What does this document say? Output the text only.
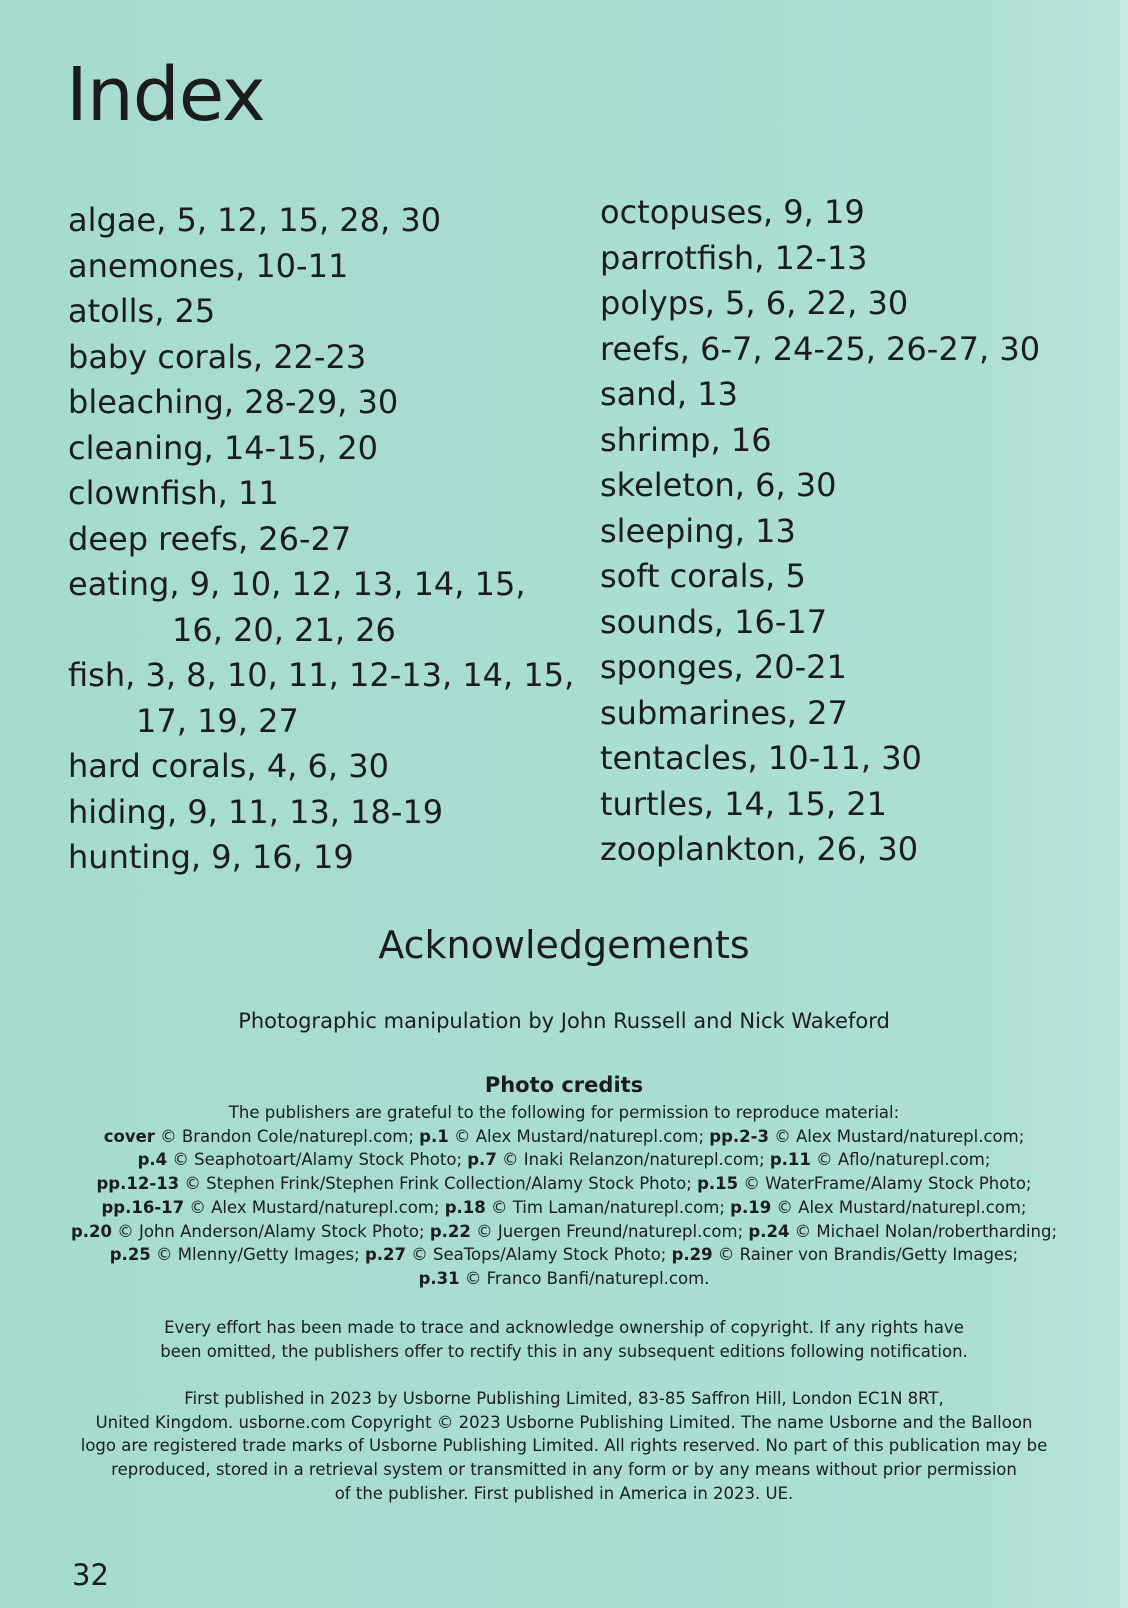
Index
algae, 5, 12, 15, 28, 30
anemones, 10-11
atolls, 25
baby corals, 22-23
bleaching, 28-29, 30
cleaning, 14-15, 20
clownfish, 11
deep reefs, 26-27
eating, 9, 10, 12, 13, 14, 15,
16, 20, 21, 26
fish, 3, 8, 10, 11, 12-13, 14, 15,
17, 19, 27
hard corals, 4, 6, 30
hiding, 9, 11, 13, 18-19
hunting, 9, 16, 19
octopuses, 9, 19
parrotfish, 12-13
polyps, 5, 6, 22, 30
reefs, 6-7, 24-25, 26-27, 30
sand, 13
shrimp, 16
skeleton, 6, 30
sleeping, 13
soft corals, 5
sounds, 16-17
sponges, 20-21
submarines, 27
tentacles, 10-11, 30
turtles, 14, 15, 21
zooplankton, 26, 30
Acknowledgements
Photographic manipulation by John Russell and Nick Wakeford
Photo credits
The publishers are grateful to the following for permission to reproduce material:
cover © Brandon Cole/naturepl.com; p.1 © Alex Mustard/naturepl.com; pp.2-3 © Alex Mustard/naturepl.com;
p.4 © Seaphotoart/Alamy Stock Photo; p.7 © Inaki Relanzon/naturepl.com; p.11 © Aflo/naturepl.com;
pp.12-13 © Stephen Frink/Stephen Frink Collection/Alamy Stock Photo; p.15 © WaterFrame/Alamy Stock Photo;
pp.16-17 © Alex Mustard/naturepl.com; p.18 © Tim Laman/naturepl.com; p.19 © Alex Mustard/naturepl.com;
p.20 © John Anderson/Alamy Stock Photo; p.22 © Juergen Freund/naturepl.com; p.24 © Michael Nolan/robertharding;
p.25 © Mlenny/Getty Images; p.27 © SeaTops/Alamy Stock Photo; p.29 © Rainer von Brandis/Getty Images;
p.31 © Franco Banfi/naturepl.com.
Every effort has been made to trace and acknowledge ownership of copyright. If any rights have
been omitted, the publishers offer to rectify this in any subsequent editions following notification.
First published in 2023 by Usborne Publishing Limited, 83-85 Saffron Hill, London EC1N 8RT,
United Kingdom. usborne.com Copyright © 2023 Usborne Publishing Limited. The name Usborne and the Balloon
logo are registered trade marks of Usborne Publishing Limited. All rights reserved. No part of this publication may be
reproduced, stored in a retrieval system or transmitted in any form or by any means without prior permission
of the publisher. First published in America in 2023. UE.
32
